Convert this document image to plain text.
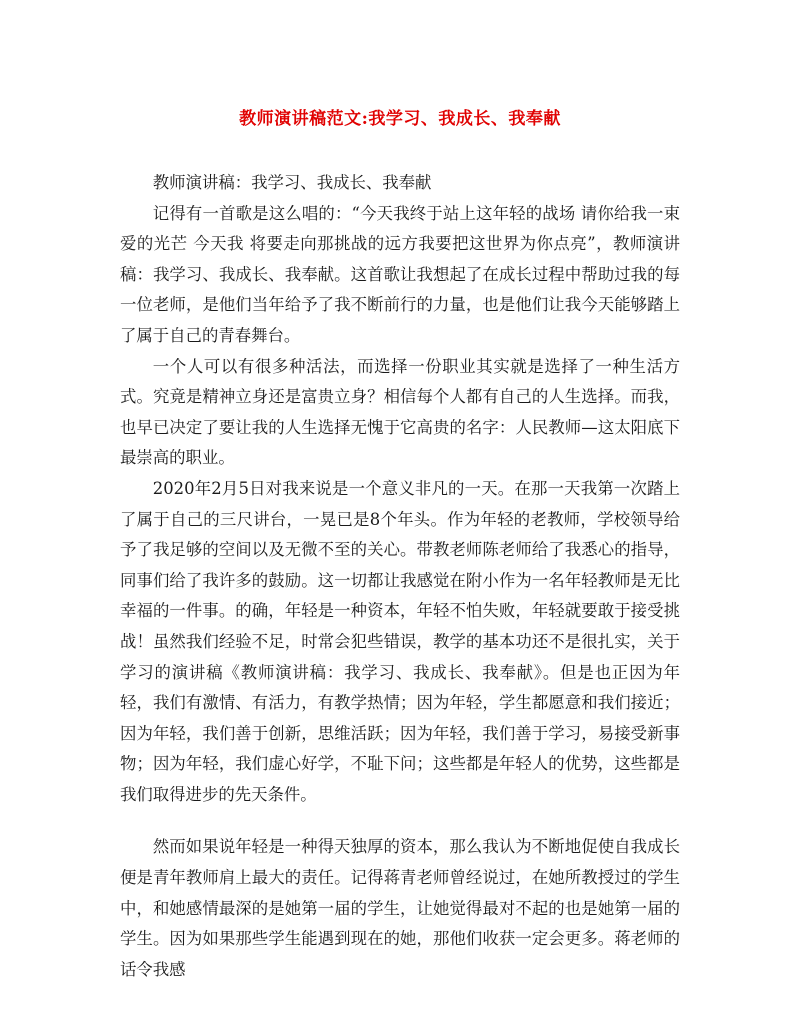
教师演讲稿范文:我学习、我成长、我奉献

教师演讲稿：我学习、我成长、我奉献

记得有一首歌是这么唱的：“今天我终于站上这年轻的战场 请你给我一束爱的光芒 今天我 将要走向那挑战的远方我要把这世界为你点亮”，教师演讲稿：我学习、我成长、我奉献。这首歌让我想起了在成长过程中帮助过我的每一位老师，是他们当年给予了我不断前行的力量，也是他们让我今天能够踏上了属于自己的青春舞台。

一个人可以有很多种活法，而选择一份职业其实就是选择了一种生活方式。究竟是精神立身还是富贵立身？相信每个人都有自己的人生选择。而我，也早已决定了要让我的人生选择无愧于它高贵的名字：人民教师—这太阳底下最崇高的职业。

2020年2月5日对我来说是一个意义非凡的一天。在那一天我第一次踏上了属于自己的三尺讲台，一晃已是8个年头。作为年轻的老教师，学校领导给予了我足够的空间以及无微不至的关心。带教老师陈老师给了我悉心的指导，同事们给了我许多的鼓励。这一切都让我感觉在附小作为一名年轻教师是无比幸福的一件事。的确，年轻是一种资本，年轻不怕失败，年轻就要敢于接受挑战！虽然我们经验不足，时常会犯些错误，教学的基本功还不是很扎实，关于学习的演讲稿《教师演讲稿：我学习、我成长、我奉献》。但是也正因为年轻，我们有激情、有活力，有教学热情；因为年轻，学生都愿意和我们接近；因为年轻，我们善于创新，思维活跃；因为年轻，我们善于学习，易接受新事物；因为年轻，我们虚心好学，不耻下问；这些都是年轻人的优势，这些都是我们取得进步的先天条件。

然而如果说年轻是一种得天独厚的资本，那么我认为不断地促使自我成长便是青年教师肩上最大的责任。记得蒋青老师曾经说过，在她所教授过的学生中，和她感情最深的是她第一届的学生，让她觉得最对不起的也是她第一届的学生。因为如果那些学生能遇到现在的她，那他们收获一定会更多。蒋老师的话令我感
